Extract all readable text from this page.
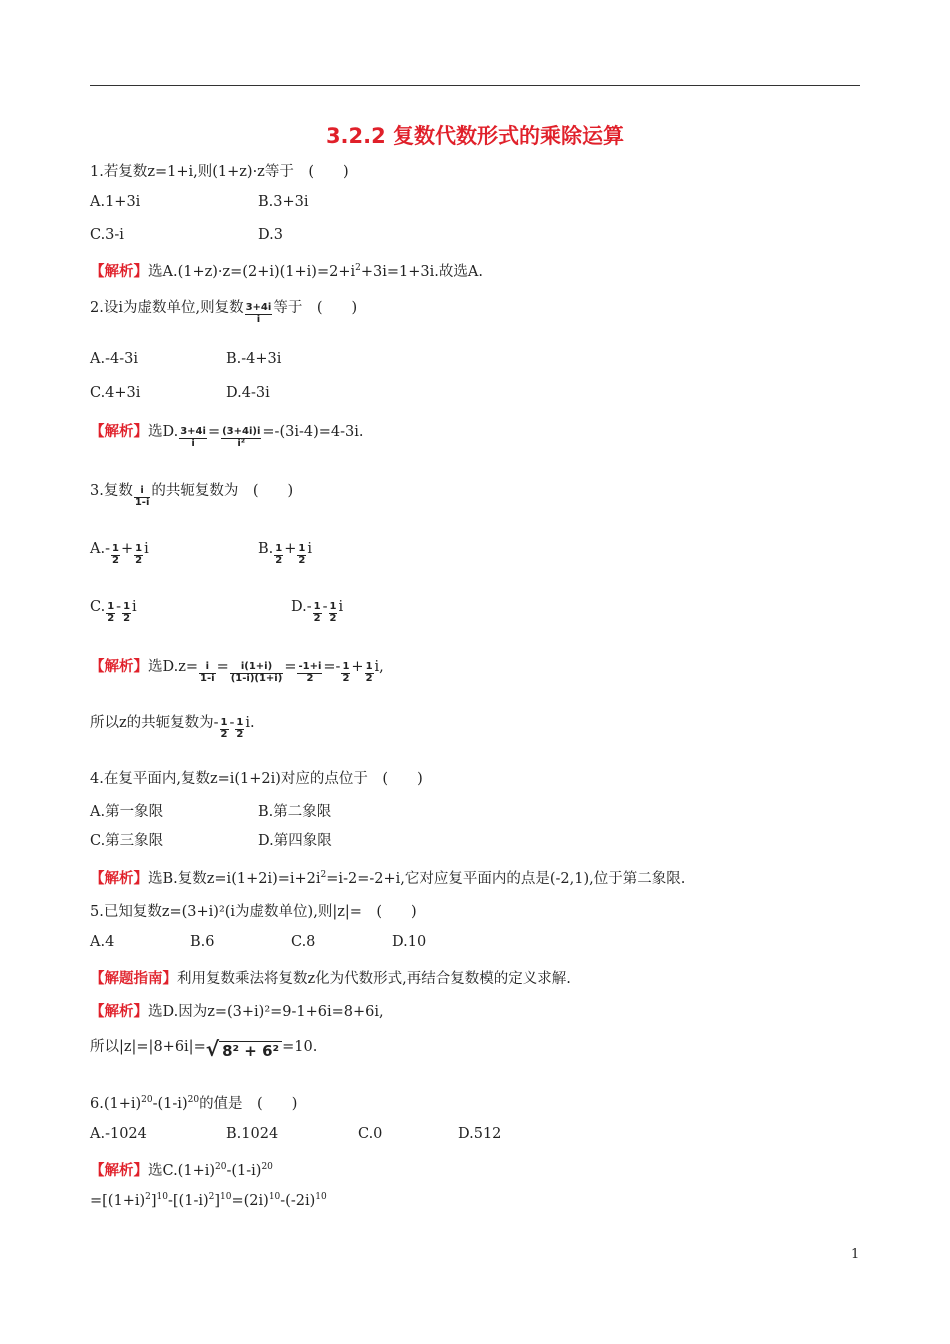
3.2.2 复数代数形式的乘除运算
1.若复数z=1+i,则(1+z)·z等于　(　　)
A.1+3i	B.3+3i
C.3-i	D.3
【解析】选$A.(1+z)\cdot z=(2+i)(1+i)=2+i^2+3i=1+3i$.故选A.
2.设i为虚数单位,则复数 $\frac{3+4i}{i}$ 等于　(　　)
A.-4-3i	B.-4+3i
C.4+3i	D.4-3i
【解析】选D. $\frac{3+4i}{i} = \frac{(3+4i)i}{\text{i²}} =-(3i-4)=4-3i$.
3.复数 $\frac{i}{1-i}$ 的共轭复数为　(　　)
$A.- \frac{1}{2} + \frac{1}{2}$ i	B. $\frac{1}{2} + \frac{1}{2}$ i
C. $\frac{1}{2} - \frac{1}{2}$ i	$D.- \frac{1}{2} - \frac{1}{2}$ i
【解析】选$D.z= \frac{i}{1-i} = \frac{i(1+i)}{(1-i)(1+i)} = \frac{-1+i}{2} =- \frac{1}{2} + \frac{1}{2} i$,
所以z的共轭复数为- $\frac{1}{2} - \frac{1}{2} i$.
4.在复平面内,复数z=i(1+2i)对应的点位于　(　　)
A.第一象限	B.第二象限
C.第三象限	D.第四象限
【解析】选B.复数$z=i(1+2i)=i+2i^2=i-2=-2+i$,它对应复平面内的点是(-2,1),位于第二象限.
5.已知复数z=(3+i)²(i为虚数单位),则|z|=　(　　)
A.4	B.6	C.8	D.10
【解题指南】利用复数乘法将复数z化为代数形式,再结合复数模的定义求解.
【解析】选D.因为z=(3+i)²=9-1+6i=8+6i,
所以|z|=|8+6i|=√ 8² + 6² =10.
$6.(1+i)^{20}-(1-i)^{20}$的值是　(　　)
A.-1024	B.1024	C.0	D.512
【解析】选$C.(1+i)^{20}-(1-i)^{20}$
$=[(1+i)^2]^{10}-[(1-i)^2]^{10}=(2i)^{10}-(-2i)^{10}$
1
